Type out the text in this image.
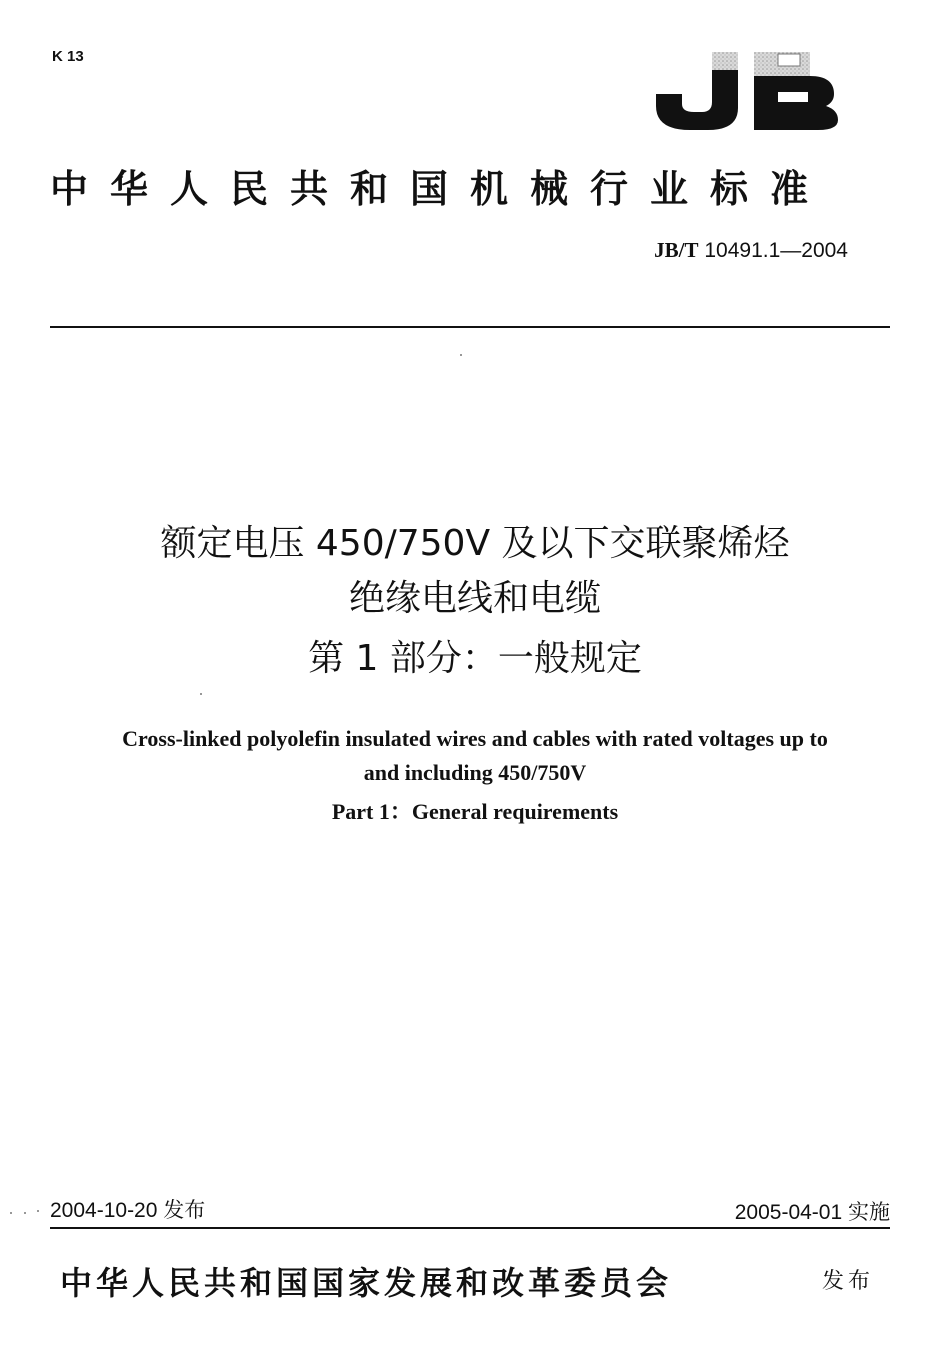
K 13
中华人民共和国机械行业标准
JB/T 10491.1—2004
额定电压 450/750V 及以下交联聚烯烃
绝缘电线和电缆
第 1 部分：一般规定
Cross-linked polyolefin insulated wires and cables with rated voltages up to
and including 450/750V
Part 1：General requirements
2004-10-20 发布	2005-04-01 实施
中华人民共和国国家发展和改革委员会	发布
